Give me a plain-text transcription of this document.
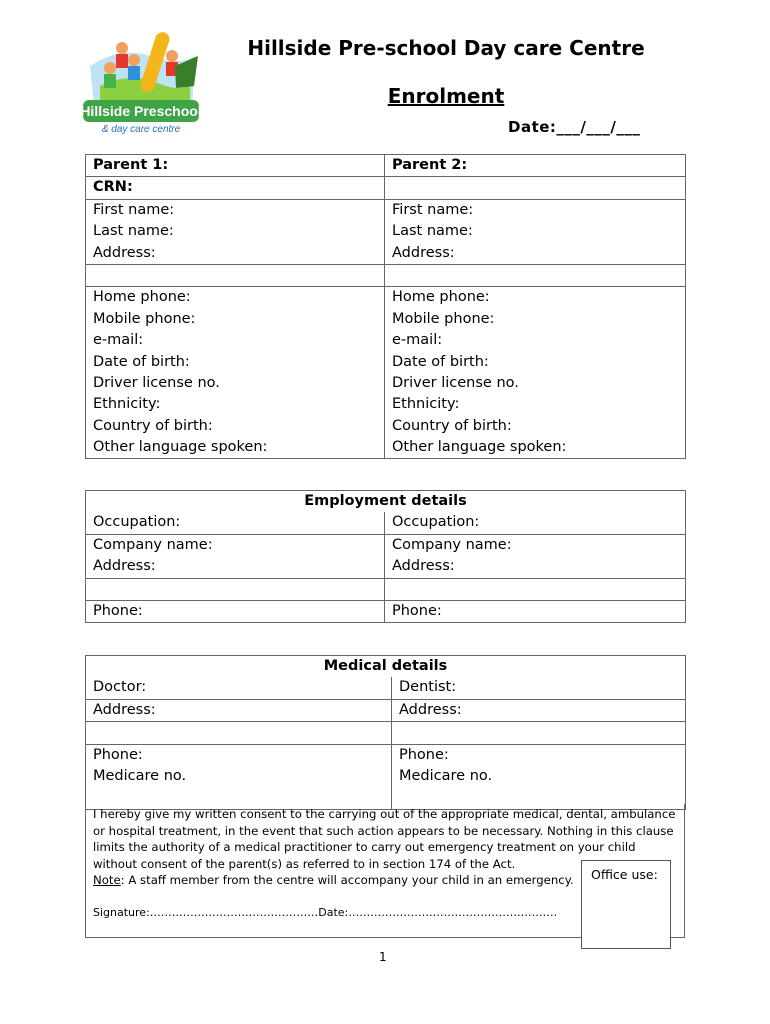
Hillside Preschool
& day care centre
Hillside Pre-school Day care Centre
Enrolment
Date:___/___/___
Parent 1:	Parent 2:
CRN:	
First name:	First name:
Last name:	Last name:
Address:	Address:

Home phone:	Home phone:
Mobile phone:	Mobile phone:
e-mail:	e-mail:
Date of birth:	Date of birth:
Driver license no.	Driver license no.
Ethnicity:	Ethnicity:
Country of birth:	Country of birth:
Other language spoken:	Other language spoken:
Employment details	
Occupation:	Occupation:
Company name:	Company name:
Address:	Address:

Phone:	Phone:
Medical details	
Doctor:	Dentist:
Address:	Address:

Phone:	Phone:
Medicare no.	Medicare no.

I hereby give my written consent to the carrying out of the appropriate medical, dental, ambulance or hospital treatment, in the event that such action appears to be necessary. Nothing in this clause limits the authority of a medical practitioner to carry out emergency treatment on your child without consent of the parent(s) as referred to in section 174 of the Act.
Note: A staff member from the centre will accompany your child in an emergency.
Signature:……………….………………………Date:…………………………………………………
Office use:
1
